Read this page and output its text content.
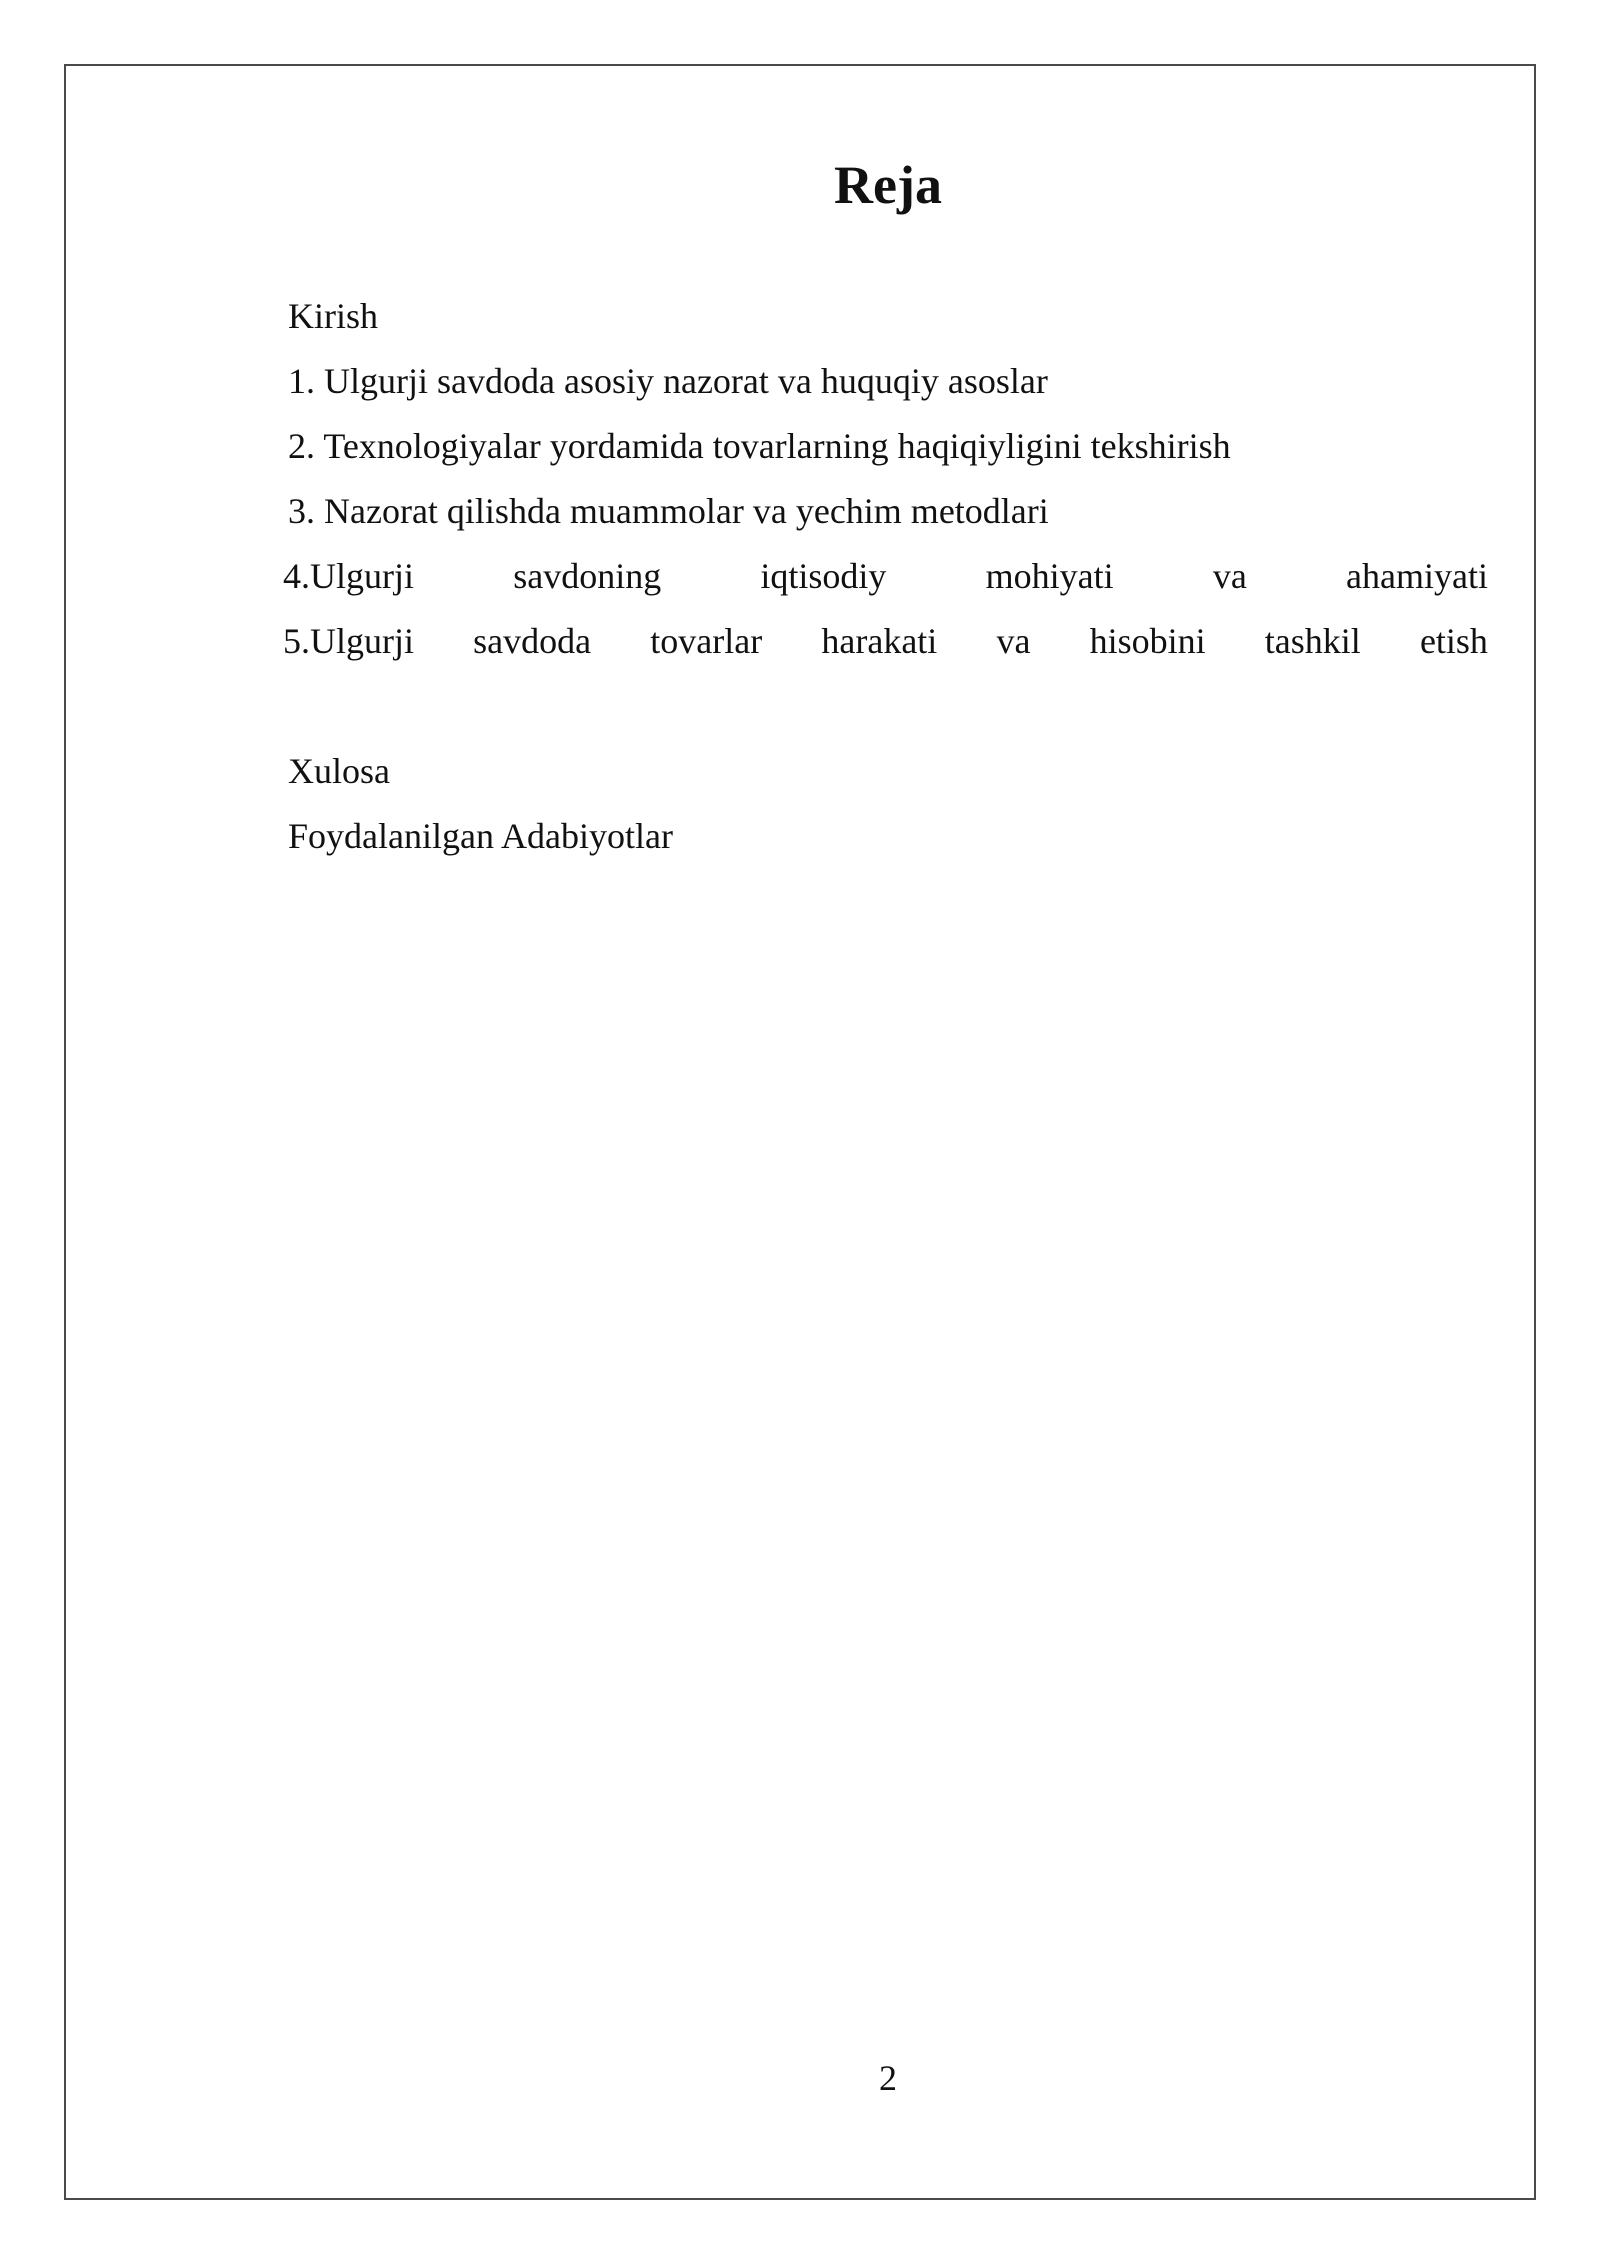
Reja
Kirish
1. Ulgurji savdoda asosiy nazorat va huquqiy asoslar
2. Texnologiyalar yordamida tovarlarning haqiqiyligini tekshirish
3. Nazorat qilishda muammolar va yechim metodlari
4.Ulgurji	savdoning	iqtisodiy	mohiyati	va	ahamiyati
5.Ulgurji savdoda tovarlar harakati va hisobini tashkil etish
Xulosa
Foydalanilgan Adabiyotlar
2
